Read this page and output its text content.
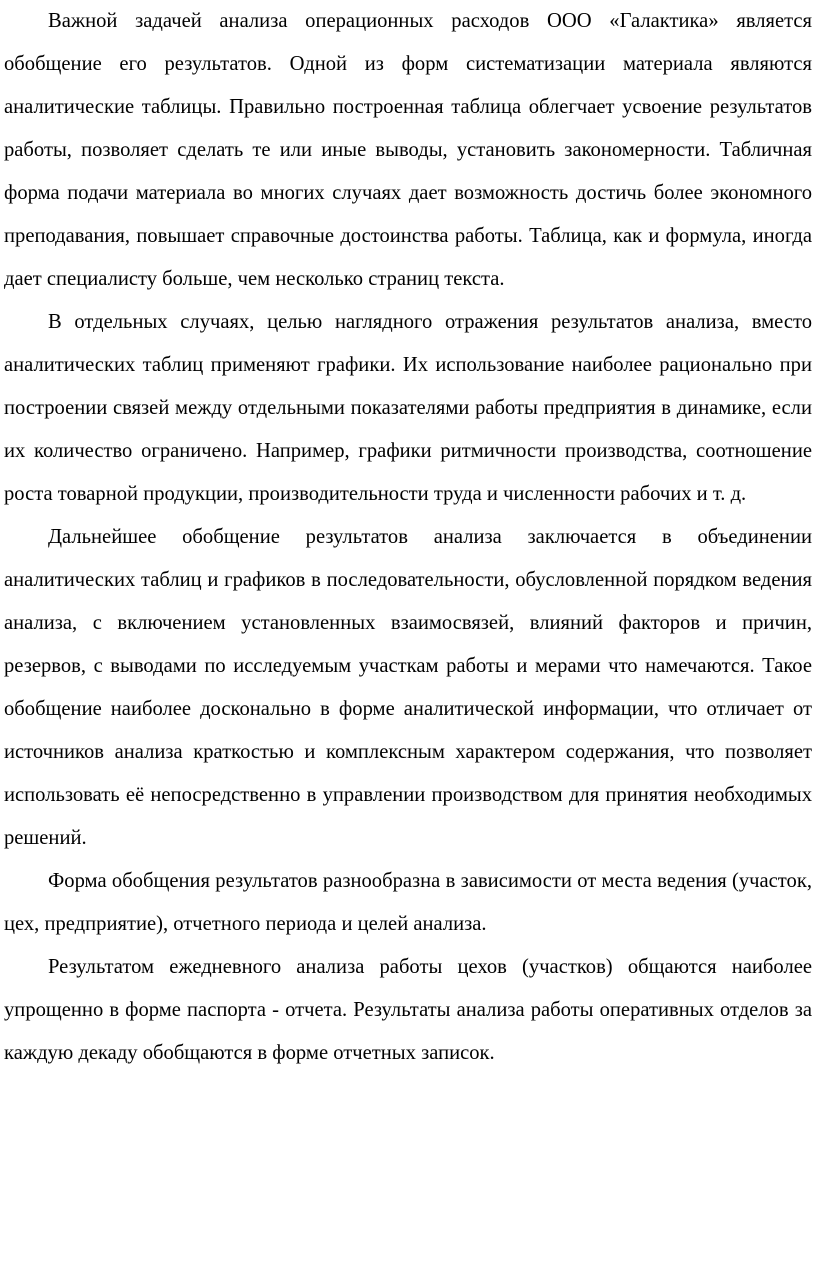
Важной задачей анализа операционных расходов ООО «Галактика» является обобщение его результатов. Одной из форм систематизации материала являются аналитические таблицы. Правильно построенная таблица облегчает усвоение результатов работы, позволяет сделать те или иные выводы, установить закономерности. Табличная форма подачи материала во многих случаях дает возможность достичь более экономного преподавания, повышает справочные достоинства работы. Таблица, как и формула, иногда дает специалисту больше, чем несколько страниц текста.

В отдельных случаях, целью наглядного отражения результатов анализа, вместо аналитических таблиц применяют графики. Их использование наиболее рационально при построении связей между отдельными показателями работы предприятия в динамике, если их количество ограничено. Например, графики ритмичности производства, соотношение роста товарной продукции, производительности труда и численности рабочих и т. д.

Дальнейшее обобщение результатов анализа заключается в объединении аналитических таблиц и графиков в последовательности, обусловленной порядком ведения анализа, с включением установленных взаимосвязей, влияний факторов и причин, резервов, с выводами по исследуемым участкам работы и мерами что намечаются. Такое обобщение наиболее досконально в форме аналитической информации, что отличает от источников анализа краткостью и комплексным характером содержания, что позволяет использовать её непосредственно в управлении производством для принятия необходимых решений.

Форма обобщения результатов разнообразна в зависимости от места ведения (участок, цех, предприятие), отчетного периода и целей анализа.

Результатом ежедневного анализа работы цехов (участков) общаются наиболее упрощенно в форме паспорта - отчета. Результаты анализа работы оперативных отделов за каждую декаду обобщаются в форме отчетных записок.
